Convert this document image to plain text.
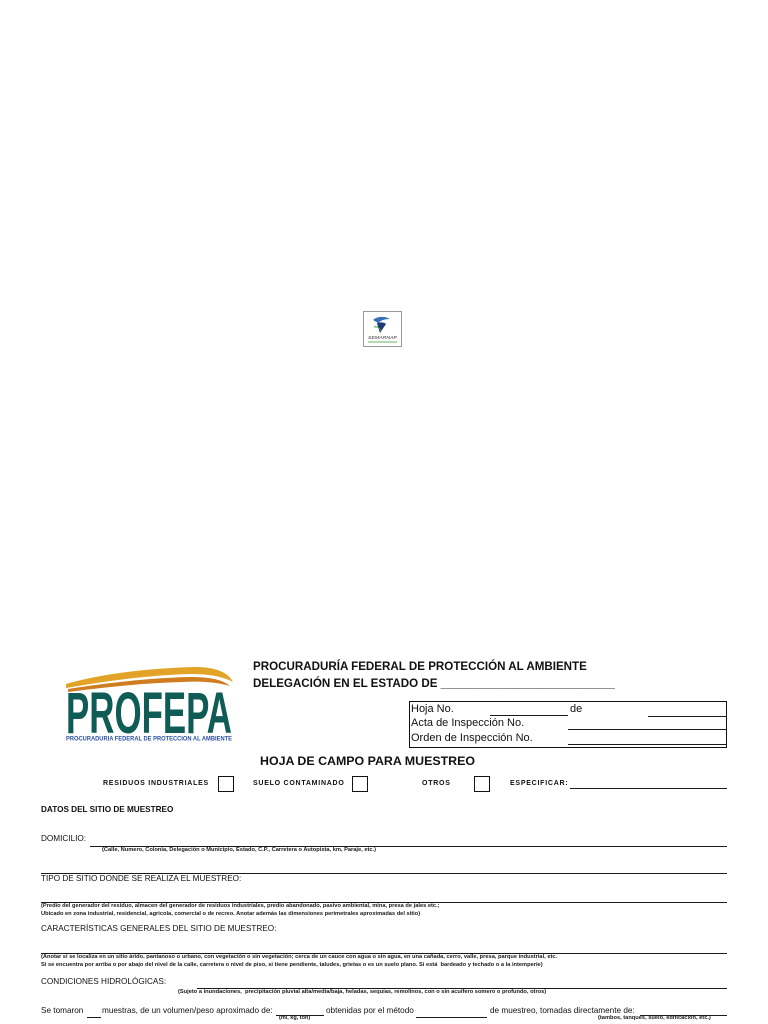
SEMARNAP
PROFEPA
PROCURADURIA FEDERAL DE PROTECCION AL AMBIENTE
PROCURADURÍA FEDERAL DE PROTECCIÓN AL AMBIENTE
DELEGACIÓN EN EL ESTADO DE ___________________________
Hoja No.	de
Acta de Inspección No.
Orden de Inspección No.
HOJA DE CAMPO PARA MUESTREO
RESIDUOS INDUSTRIALES	SUELO CONTAMINADO	OTROS	ESPECIFICAR:
DATOS DEL SITIO DE MUESTREO
DOMICILIO:
(Calle, Numero, Colonia, Delegación o Municipio, Estado, C.P., Carretera o Autopista, km, Paraje, etc.)
TIPO DE SITIO DONDE SE REALIZA EL MUESTREO:
(Predio del generador del residuo, almacen del generador de residuos industriales, predio abandonado, pasivo ambiental, mina, presa de jales etc.;
Ubicado en zona industrial, residencial, agricola, comercial o de recreo. Anotar además las dimensiones perimetrales aproximadas del sitio)
CARACTERÍSTICAS GENERALES DEL SITIO DE MUESTREO:
(Anotar si se localiza en un sitio árido, pantanoso o urbano, con vegetación o sin vegetación; cerca de un cauce con agua o sin agua, en una cañada, cerro, valle, presa, parque industrial, etc.
Si se encuentra por arriba o por abajo del nivel de la calle, carretera o nivel de piso, si tiene pendiente, taludes, grietas o es un suelo plano. Si está  bardeado y techado o a la intemperie)
CONDICIONES HIDROLÓGICAS:
(Sujeto a inundaciones,  precipitación pluvial alta/media/baja, heladas, sequías, remolinos, con o sin acuífero somero o profundo, otros)
Se tomaron muestras, de un volumen/peso aproximado de:
(ml, kg, ton)
obtenidas por el método	de muestreo, tomadas directamente de:
(tambos, tanques, suelo, edificación, etc.)
